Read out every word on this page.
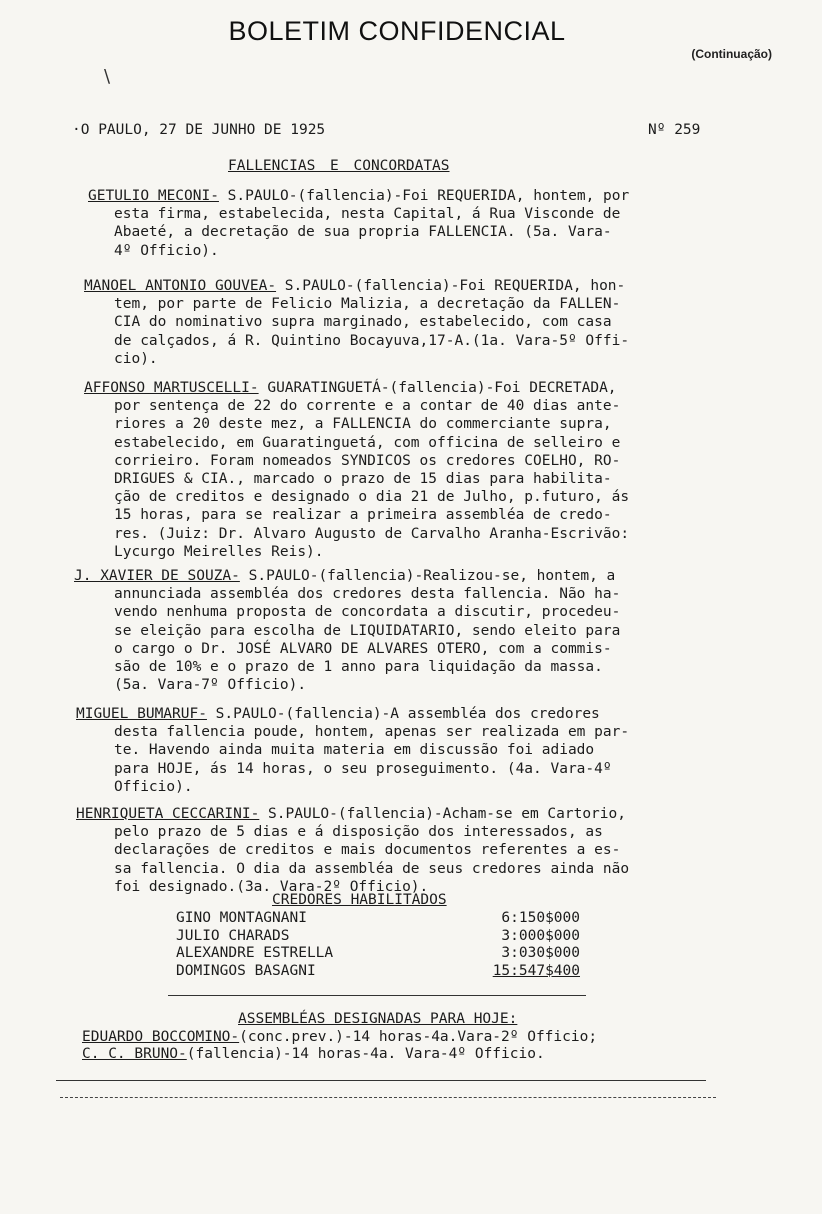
BOLETIM CONFIDENCIAL
(Continuação)
\
·O PAULO, 27 DE JUNHO DE 1925	Nº 259
FALLENCIAS E CONCORDATAS
GETULIO MECONI- S.PAULO-(fallencia)-Foi REQUERIDA, hontem, por
esta firma, estabelecida, nesta Capital, á Rua Visconde de
Abaeté, a decretação de sua propria FALLENCIA. (5a. Vara-
4º Officio).
MANOEL ANTONIO GOUVEA- S.PAULO-(fallencia)-Foi REQUERIDA, hon-
tem, por parte de Felicio Malizia, a decretação da FALLEN-
CIA do nominativo supra marginado, estabelecido, com casa
de calçados, á R. Quintino Bocayuva,17-A.(1a. Vara-5º Offi-
cio).
AFFONSO MARTUSCELLI- GUARATINGUETÁ-(fallencia)-Foi DECRETADA,
por sentença de 22 do corrente e a contar de 40 dias ante-
riores a 20 deste mez, a FALLENCIA do commerciante supra,
estabelecido, em Guaratinguetá, com officina de selleiro e
corrieiro. Foram nomeados SYNDICOS os credores COELHO, RO-
DRIGUES & CIA., marcado o prazo de 15 dias para habilita-
ção de creditos e designado o dia 21 de Julho, p.futuro, ás
15 horas, para se realizar a primeira assembléa de credo-
res. (Juiz: Dr. Alvaro Augusto de Carvalho Aranha-Escrivão:
Lycurgo Meirelles Reis).
J. XAVIER DE SOUZA- S.PAULO-(fallencia)-Realizou-se, hontem, a
annunciada assembléa dos credores desta fallencia. Não ha-
vendo nenhuma proposta de concordata a discutir, procedeu-
se eleição para escolha de LIQUIDATARIO, sendo eleito para
o cargo o Dr. JOSÉ ALVARO DE ALVARES OTERO, com a commis-
são de 10% e o prazo de 1 anno para liquidação da massa.
(5a. Vara-7º Officio).
MIGUEL BUMARUF- S.PAULO-(fallencia)-A assembléa dos credores
desta fallencia poude, hontem, apenas ser realizada em par-
te. Havendo ainda muita materia em discussão foi adiado
para HOJE, ás 14 horas, o seu proseguimento. (4a. Vara-4º
Officio).
HENRIQUETA CECCARINI- S.PAULO-(fallencia)-Acham-se em Cartorio,
pelo prazo de 5 dias e á disposição dos interessados, as
declarações de creditos e mais documentos referentes a es-
sa fallencia. O dia da assembléa de seus credores ainda não
foi designado.(3a. Vara-2º Officio).
CREDORES HABILITADOS
GINO MONTAGNANI	6:150$000
JULIO CHARADS	3:000$000
ALEXANDRE ESTRELLA	3:030$000
DOMINGOS BASAGNI	15:547$400
ASSEMBLÉAS DESIGNADAS PARA HOJE:
EDUARDO BOCCOMINO-(conc.prev.)-14 horas-4a.Vara-2º Officio;
C. C. BRUNO-(fallencia)-14 horas-4a. Vara-4º Officio.
